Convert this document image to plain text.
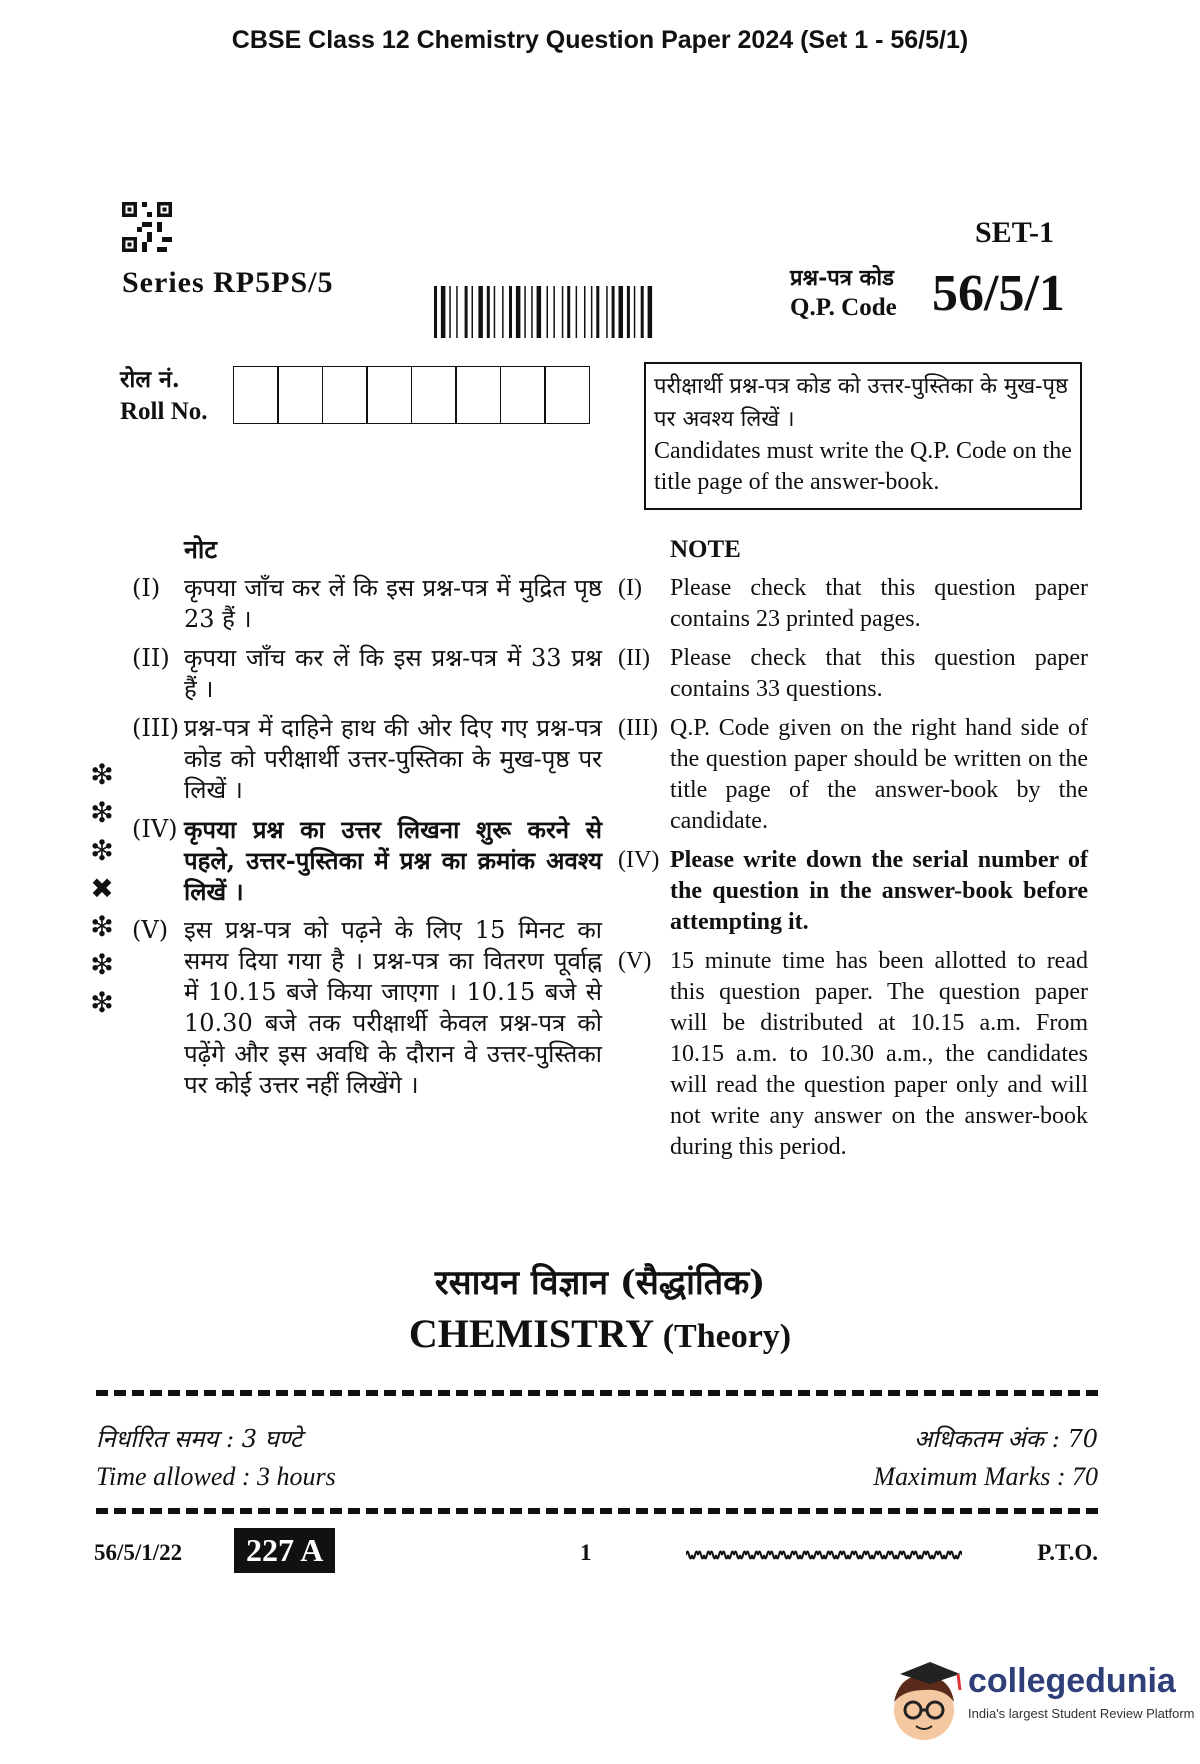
CBSE Class 12 Chemistry Question Paper 2024 (Set 1 - 56/5/1)
SET-1
Series RP5PS/5	प्रश्न-पत्र कोड
Q.P. Code 56/5/1
रोल नं.
Roll No.
परीक्षार्थी प्रश्न-पत्र कोड को उत्तर-पुस्तिका के मुख-पृष्ठ पर अवश्य लिखें ।
Candidates must write the Q.P. Code on the title page of the answer-book.
नोट
(I) कृपया जाँच कर लें कि इस प्रश्न-पत्र में मुद्रित पृष्ठ 23 हैं ।
(II) कृपया जाँच कर लें कि इस प्रश्न-पत्र में 33 प्रश्न हैं ।
(III) प्रश्न-पत्र में दाहिने हाथ की ओर दिए गए प्रश्न-पत्र कोड को परीक्षार्थी उत्तर-पुस्तिका के मुख-पृष्ठ पर लिखें ।
(IV) कृपया प्रश्न का उत्तर लिखना शुरू करने से पहले, उत्तर-पुस्तिका में प्रश्न का क्रमांक अवश्य लिखें ।
(V) इस प्रश्न-पत्र को पढ़ने के लिए 15 मिनट का समय दिया गया है । प्रश्न-पत्र का वितरण पूर्वाह्न में 10.15 बजे किया जाएगा । 10.15 बजे से 10.30 बजे तक परीक्षार्थी केवल प्रश्न-पत्र को पढ़ेंगे और इस अवधि के दौरान वे उत्तर-पुस्तिका पर कोई उत्तर नहीं लिखेंगे ।
NOTE
(I)	Please check that this question paper contains 23 printed pages.
(II) Please check that this question paper contains 33 questions.
(III) Q.P. Code given on the right hand side of the question paper should be written on the title page of the answer-book by the candidate.
(IV) Please write down the serial number of the question in the answer-book before attempting it.
(V) 15 minute time has been allotted to read this question paper. The question paper will be distributed at 10.15 a.m. From 10.15 a.m. to 10.30 a.m., the candidates will read the question paper only and will not write any answer on the answer-book during this period.
❇
❇
❇
✖
❇
❇
❇
रसायन विज्ञान (सैद्धांतिक)
CHEMISTRY (Theory)
निर्धारित समय : 3 घण्टे
Time allowed : 3 hours
अधिकतम अंक : 70
Maximum Marks : 70
56/5/1/22	227 A	1	P.T.O.
collegedunia
India's largest Student Review Platform
